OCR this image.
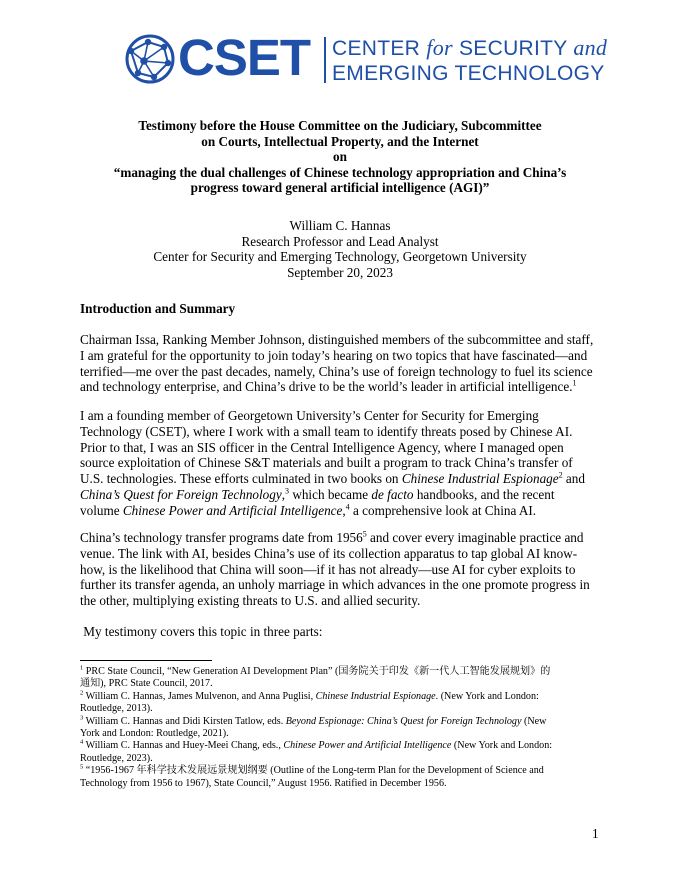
CSET CENTER for SECURITY and
EMERGING TECHNOLOGY
Testimony before the House Committee on the Judiciary, Subcommittee
on Courts, Intellectual Property, and the Internet
on
“managing the dual challenges of Chinese technology appropriation and China’s
progress toward general artificial intelligence (AGI)”
William C. Hannas
Research Professor and Lead Analyst
Center for Security and Emerging Technology, Georgetown University
September 20, 2023
Introduction and Summary
Chairman Issa, Ranking Member Johnson, distinguished members of the subcommittee and staff,
I am grateful for the opportunity to join today’s hearing on two topics that have fascinated—and
terrified—me over the past decades, namely, China’s use of foreign technology to fuel its science
and technology enterprise, and China’s drive to be the world’s leader in artificial intelligence.$^1$
I am a founding member of Georgetown University’s Center for Security for Emerging
Technology (CSET), where I work with a small team to identify threats posed by Chinese AI.
Prior to that, I was an SIS officer in the Central Intelligence Agency, where I managed open
source exploitation of Chinese S&T materials and built a program to track China’s transfer of
U.S. technologies. These efforts culminated in two books on Chinese Industrial Espionage$^2$ and
China’s Quest for Foreign Technology,$^3$ which became de facto handbooks, and the recent
volume Chinese Power and Artificial Intelligence,$^4$ a comprehensive look at China AI.
China’s technology transfer programs date from 1956$^5$ and cover every imaginable practice and
venue. The link with AI, besides China’s use of its collection apparatus to tap global AI know-
how, is the likelihood that China will soon—if it has not already—use AI for cyber exploits to
further its transfer agenda, an unholy marriage in which advances in the one promote progress in
the other, multiplying existing threats to U.S. and allied security.
My testimony covers this topic in three parts:
$^1$ PRC State Council, “New Generation AI Development Plan” (国务院关于印发《新一代人工智能发展规划》的
通知), PRC State Council, 2017.
$^2$ William C. Hannas, James Mulvenon, and Anna Puglisi, Chinese Industrial Espionage. (New York and London:
Routledge, 2013).
$^3$ William C. Hannas and Didi Kirsten Tatlow, eds. Beyond Espionage: China’s Quest for Foreign Technology (New
York and London: Routledge, 2021).
$^4$ William C. Hannas and Huey-Meei Chang, eds., Chinese Power and Artificial Intelligence (New York and London:
Routledge, 2023).
$^5$ “1956-1967 年科学技术发展远景规划纲要 (Outline of the Long-term Plan for the Development of Science and
Technology from 1956 to 1967), State Council,” August 1956. Ratified in December 1956.
1
